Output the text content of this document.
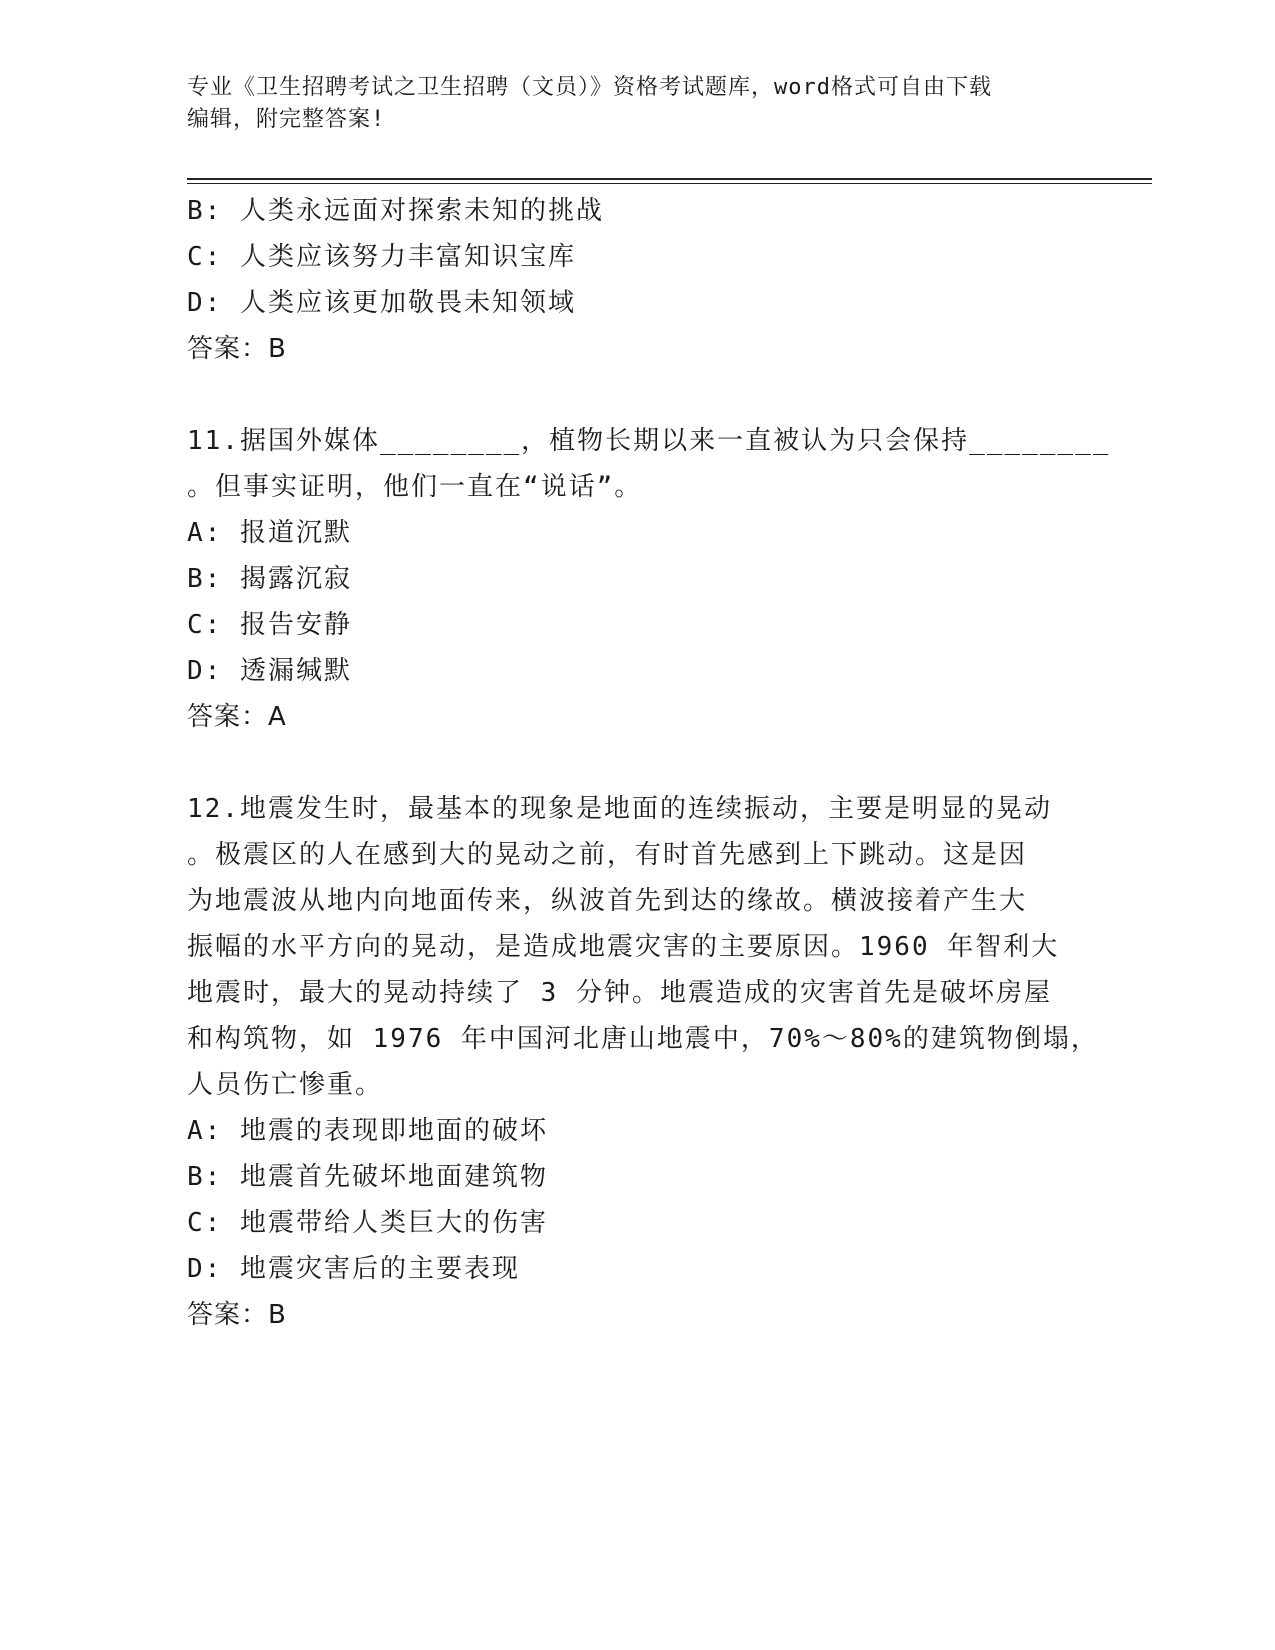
专业《卫生招聘考试之卫生招聘（文员）》资格考试题库，word格式可自由下载
编辑，附完整答案!
B: 人类永远面对探索未知的挑战
C: 人类应该努力丰富知识宝库
D: 人类应该更加敬畏未知领域
答案：B
11.据国外媒体________，植物长期以来一直被认为只会保持________
。但事实证明，他们一直在“说话”。
A: 报道沉默
B: 揭露沉寂
C: 报告安静
D: 透漏缄默
答案：A
12.地震发生时，最基本的现象是地面的连续振动，主要是明显的晃动
。极震区的人在感到大的晃动之前，有时首先感到上下跳动。这是因
为地震波从地内向地面传来，纵波首先到达的缘故。横波接着产生大
振幅的水平方向的晃动，是造成地震灾害的主要原因。1960 年智利大
地震时，最大的晃动持续了 3 分钟。地震造成的灾害首先是破坏房屋
和构筑物，如 1976 年中国河北唐山地震中，70%～80%的建筑物倒塌，
人员伤亡惨重。
A: 地震的表现即地面的破坏
B: 地震首先破坏地面建筑物
C: 地震带给人类巨大的伤害
D: 地震灾害后的主要表现
答案：B
